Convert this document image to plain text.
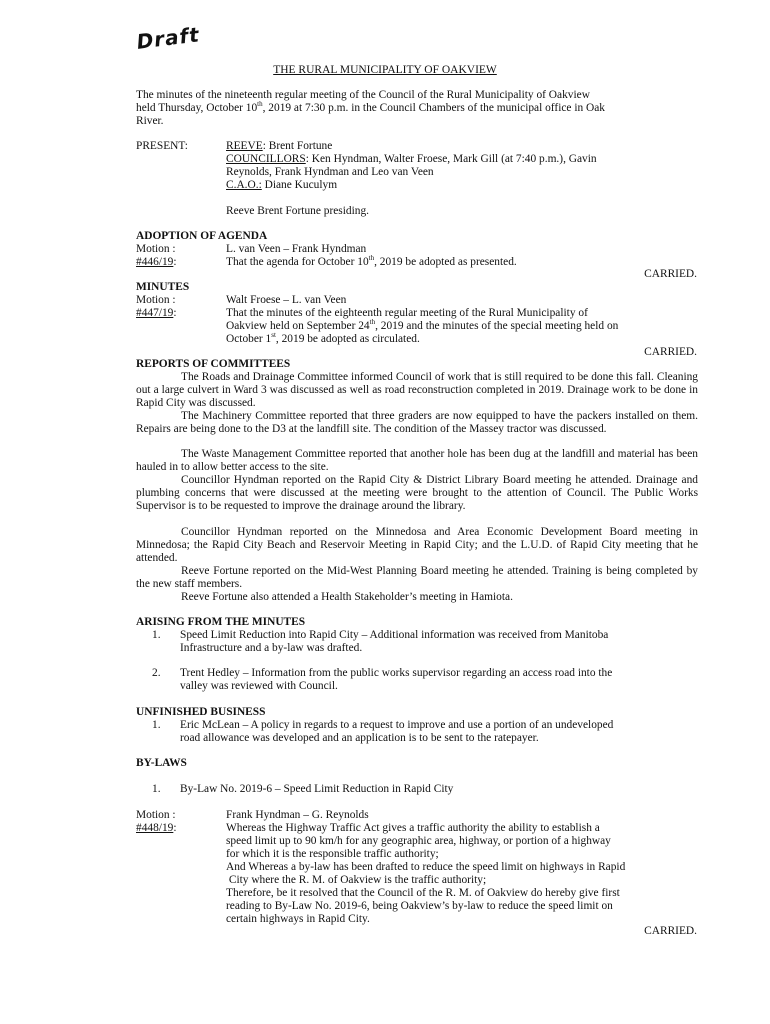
Draft
THE RURAL MUNICIPALITY OF OAKVIEW
The minutes of the nineteenth regular meeting of the Council of the Rural Municipality of Oakview
held Thursday, October 10th, 2019 at 7:30 p.m. in the Council Chambers of the municipal office in Oak
River.
PRESENT:	REEVE: Brent Fortune
COUNCILLORS: Ken Hyndman, Walter Froese, Mark Gill (at 7:40 p.m.), Gavin
Reynolds, Frank Hyndman and Leo van Veen
C.A.O.: Diane Kuculym
Reeve Brent Fortune presiding.
ADOPTION OF AGENDA
Motion :	L. van Veen – Frank Hyndman
#446/19:	That the agenda for October 10th, 2019 be adopted as presented.
CARRIED.
MINUTES
Motion :	Walt Froese – L. van Veen
#447/19:	That the minutes of the eighteenth regular meeting of the Rural Municipality of
Oakview held on September 24th, 2019 and the minutes of the special meeting held on
October 1st, 2019 be adopted as circulated.
CARRIED.
REPORTS OF COMMITTEES
The Roads and Drainage Committee informed Council of work that is still required to be done this fall. Cleaning out a large culvert in Ward 3 was discussed as well as road reconstruction completed in 2019. Drainage work to be done in Rapid City was discussed.
The Machinery Committee reported that three graders are now equipped to have the packers installed on them. Repairs are being done to the D3 at the landfill site. The condition of the Massey tractor was discussed.
The Waste Management Committee reported that another hole has been dug at the landfill and material has been hauled in to allow better access to the site.
Councillor Hyndman reported on the Rapid City & District Library Board meeting he attended. Drainage and plumbing concerns that were discussed at the meeting were brought to the attention of Council. The Public Works Supervisor is to be requested to improve the drainage around the library.
Councillor Hyndman reported on the Minnedosa and Area Economic Development Board meeting in Minnedosa; the Rapid City Beach and Reservoir Meeting in Rapid City; and the L.U.D. of Rapid City meeting that he attended.
Reeve Fortune reported on the Mid-West Planning Board meeting he attended. Training is being completed by the new staff members.
Reeve Fortune also attended a Health Stakeholder’s meeting in Hamiota.
ARISING FROM THE MINUTES
1. Speed Limit Reduction into Rapid City – Additional information was received from Manitoba
Infrastructure and a by-law was drafted.
2. Trent Hedley – Information from the public works supervisor regarding an access road into the
valley was reviewed with Council.
UNFINISHED BUSINESS
1. Eric McLean – A policy in regards to a request to improve and use a portion of an undeveloped
road allowance was developed and an application is to be sent to the ratepayer.
BY-LAWS
1. By-Law No. 2019-6 – Speed Limit Reduction in Rapid City
Motion :	Frank Hyndman – G. Reynolds
#448/19:	Whereas the Highway Traffic Act gives a traffic authority the ability to establish a
speed limit up to 90 km/h for any geographic area, highway, or portion of a highway
for which it is the responsible traffic authority;
And Whereas a by-law has been drafted to reduce the speed limit on highways in Rapid
City where the R. M. of Oakview is the traffic authority;
Therefore, be it resolved that the Council of the R. M. of Oakview do hereby give first
reading to By-Law No. 2019-6, being Oakview’s by-law to reduce the speed limit on
certain highways in Rapid City.
CARRIED.
